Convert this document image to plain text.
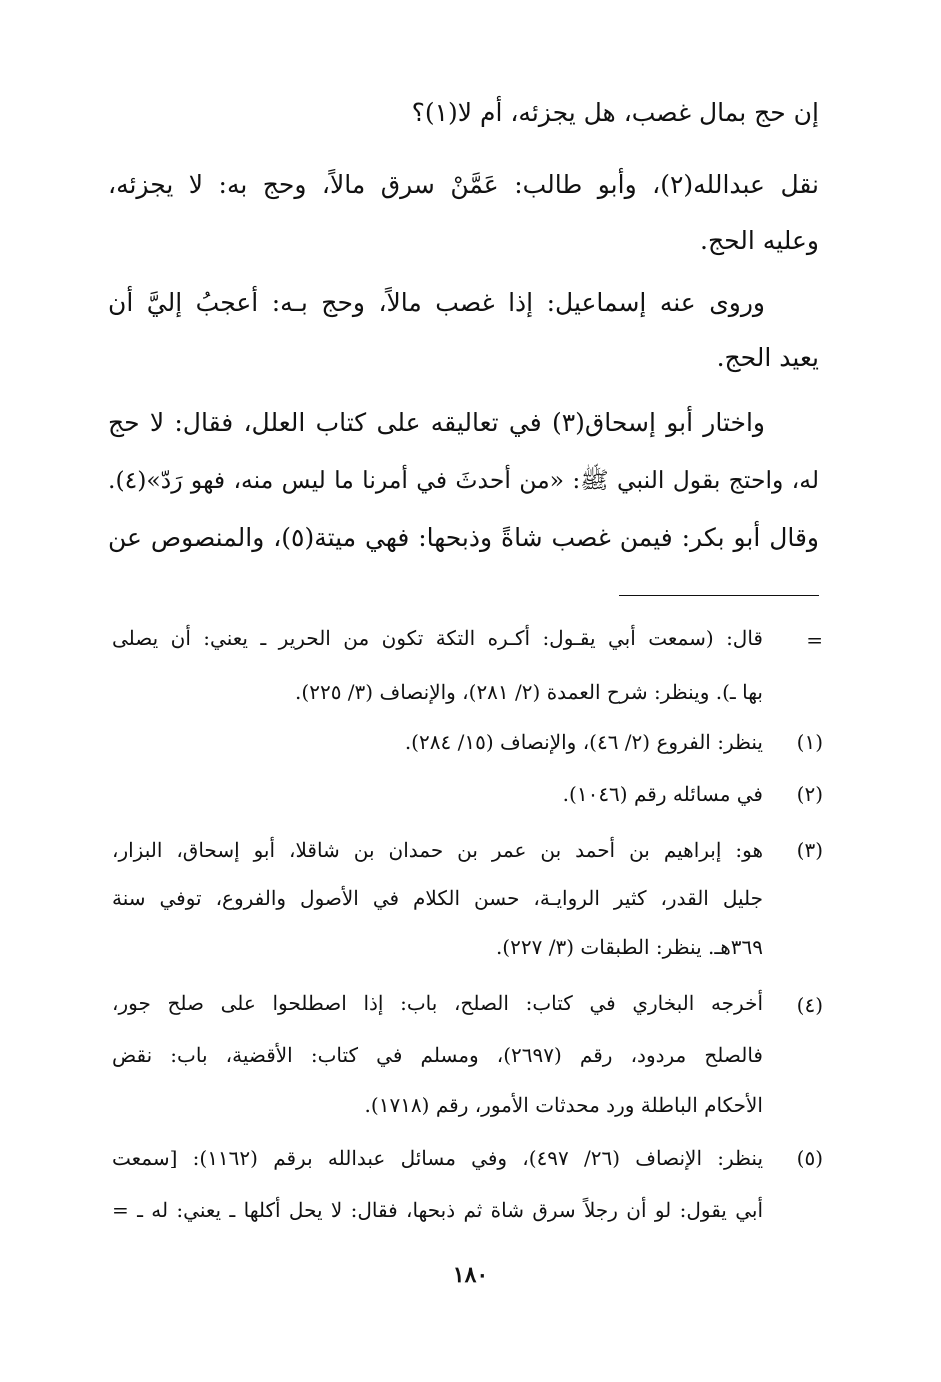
إن حج بمال غصب، هل يجزئه، أم لا(١)؟
نقل عبدالله(٢)، وأبو طالب: عَمَّنْ سرق مالاً، وحج به: لا يجزئه،
وعليه الحج.
وروى عنه إسماعيل: إذا غصب مالاً، وحج بـه: أعجبُ إليَّ أن
يعيد الحج.
واختار أبو إسحاق(٣) في تعاليقه على كتاب العلل، فقال: لا حج
له، واحتج بقول النبي ﷺ: «من أحدثَ في أمرنا ما ليس منه، فهو رَدّ»(٤).
وقال أبو بكر: فيمن غصب شاةً وذبحها: فهي ميتة(٥)، والمنصوص عن
=
قال: (سمعت أبي يقـول: أكـره التكة تكون من الحرير ـ يعني: أن يصلى
بها ـ). وينظر: شرح العمدة (٢/ ٢٨١)، والإنصاف (٣/ ٢٢٥).
(١)
ينظر: الفروع (٢/ ٤٦)، والإنصاف (١٥/ ٢٨٤).
(٢)
في مسائله رقم (١٠٤٦).
(٣)
هو: إبراهيم بن أحمد بن عمر بن حمدان بن شاقلا، أبو إسحاق، البزار،
جليل القدر، كثير الروايـة، حسن الكلام في الأصول والفروع، توفي سنة
٣٦٩هـ. ينظر: الطبقات (٣/ ٢٢٧).
(٤)
أخرجه البخاري في كتاب: الصلح، باب: إذا اصطلحوا على صلح جور،
فالصلح مردود، رقم (٢٦٩٧)، ومسلم في كتاب: الأقضية، باب: نقض
الأحكام الباطلة ورد محدثات الأمور، رقم (١٧١٨).
(٥)
ينظر: الإنصاف (٢٦/ ٤٩٧)، وفي مسائل عبدالله برقم (١١٦٢): [سمعت
أبي يقول: لو أن رجلاً سرق شاة ثم ذبحها، فقال: لا يحل أكلها ـ يعني: له ـ =
١٨٠
